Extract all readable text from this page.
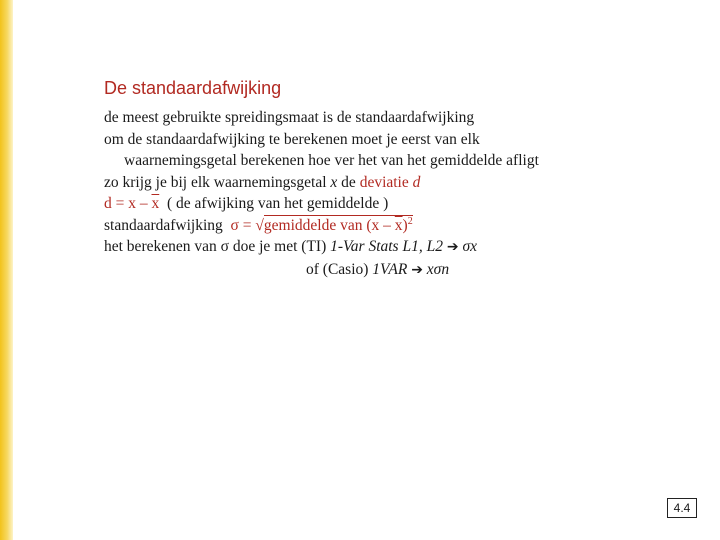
De standaardafwijking
de meest gebruikte spreidingsmaat is de standaardafwijking
om de standaardafwijking te berekenen moet je eerst van elk
waarnemingsgetal berekenen hoe ver het van het gemiddelde afligt
zo krijg je bij elk waarnemingsgetal x de deviatie d
$d = x - \overline{x}$ ( de afwijking van het gemiddelde )
standaardafwijking σ = √gemiddelde van $(x - \overline{x})^2$
het berekenen van σ doe je met (TI) 1-Var Stats L1, L2 ➔ σx
of (Casio) 1VAR ➔ xσn
4.4
